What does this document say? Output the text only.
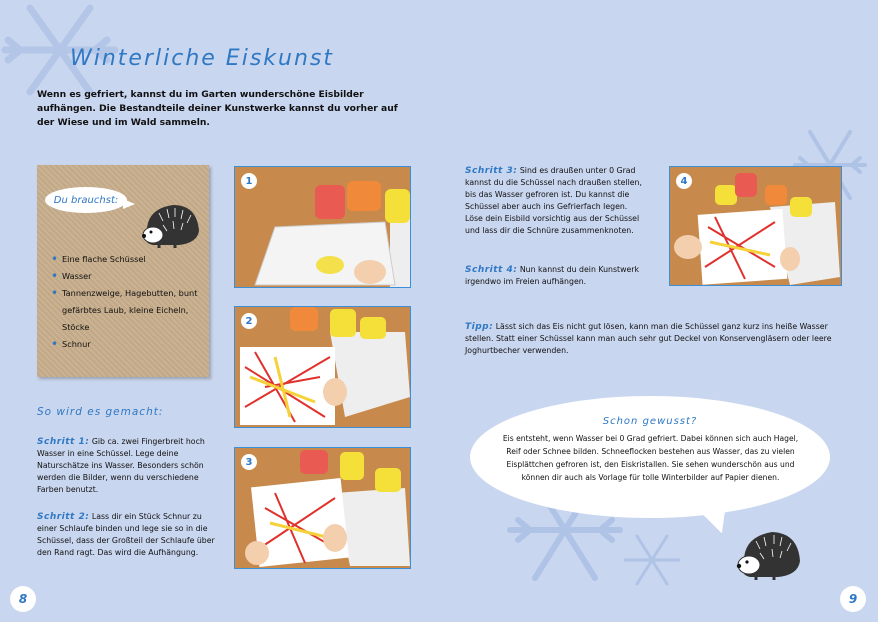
Winterliche Eiskunst
Wenn es gefriert, kannst du im Garten wunderschöne Eisbilder aufhängen. Die Bestandteile deiner Kunstwerke kannst du vorher auf der Wiese und im Wald sammeln.
Du brauchst:
• Eine flache Schüssel
• Wasser
• Tannenzweige, Hagebutten, bunt gefärbtes Laub, kleine Eicheln, Stöcke
• Schnur
So wird es gemacht:
Schritt 1: Gib ca. zwei Fingerbreit hoch Wasser in eine Schüssel. Lege deine Naturschätze ins Wasser. Besonders schön werden die Bilder, wenn du verschiedene Farben benutzt.
Schritt 2: Lass dir ein Stück Schnur zu einer Schlaufe binden und lege sie so in die Schüssel, dass der Großteil der Schlaufe über den Rand ragt. Das wird die Aufhängung.
Schritt 3: Sind es draußen unter 0 Grad kannst du die Schüssel nach draußen stellen, bis das Wasser gefroren ist. Du kannst die Schüssel aber auch ins Gefrierfach legen. Löse dein Eisbild vorsichtig aus der Schüssel und lass dir die Schnüre zusammenknoten.
Schritt 4: Nun kannst du dein Kunstwerk irgendwo im Freien aufhängen.
1
2
3
4
Tipp: Lässt sich das Eis nicht gut lösen, kann man die Schüssel ganz kurz ins heiße Wasser stellen. Statt einer Schüssel kann man auch sehr gut Deckel von Konservengläsern oder leere Joghurtbecher verwenden.
Schon gewusst?
Eis entsteht, wenn Wasser bei 0 Grad gefriert. Dabei können sich auch Hagel, Reif oder Schnee bilden. Schneeflocken bestehen aus Wasser, das zu vielen Eisplättchen gefroren ist, den Eiskristallen. Sie sehen wunderschön aus und können dir auch als Vorlage für tolle Winterbilder auf Papier dienen.
8	9
